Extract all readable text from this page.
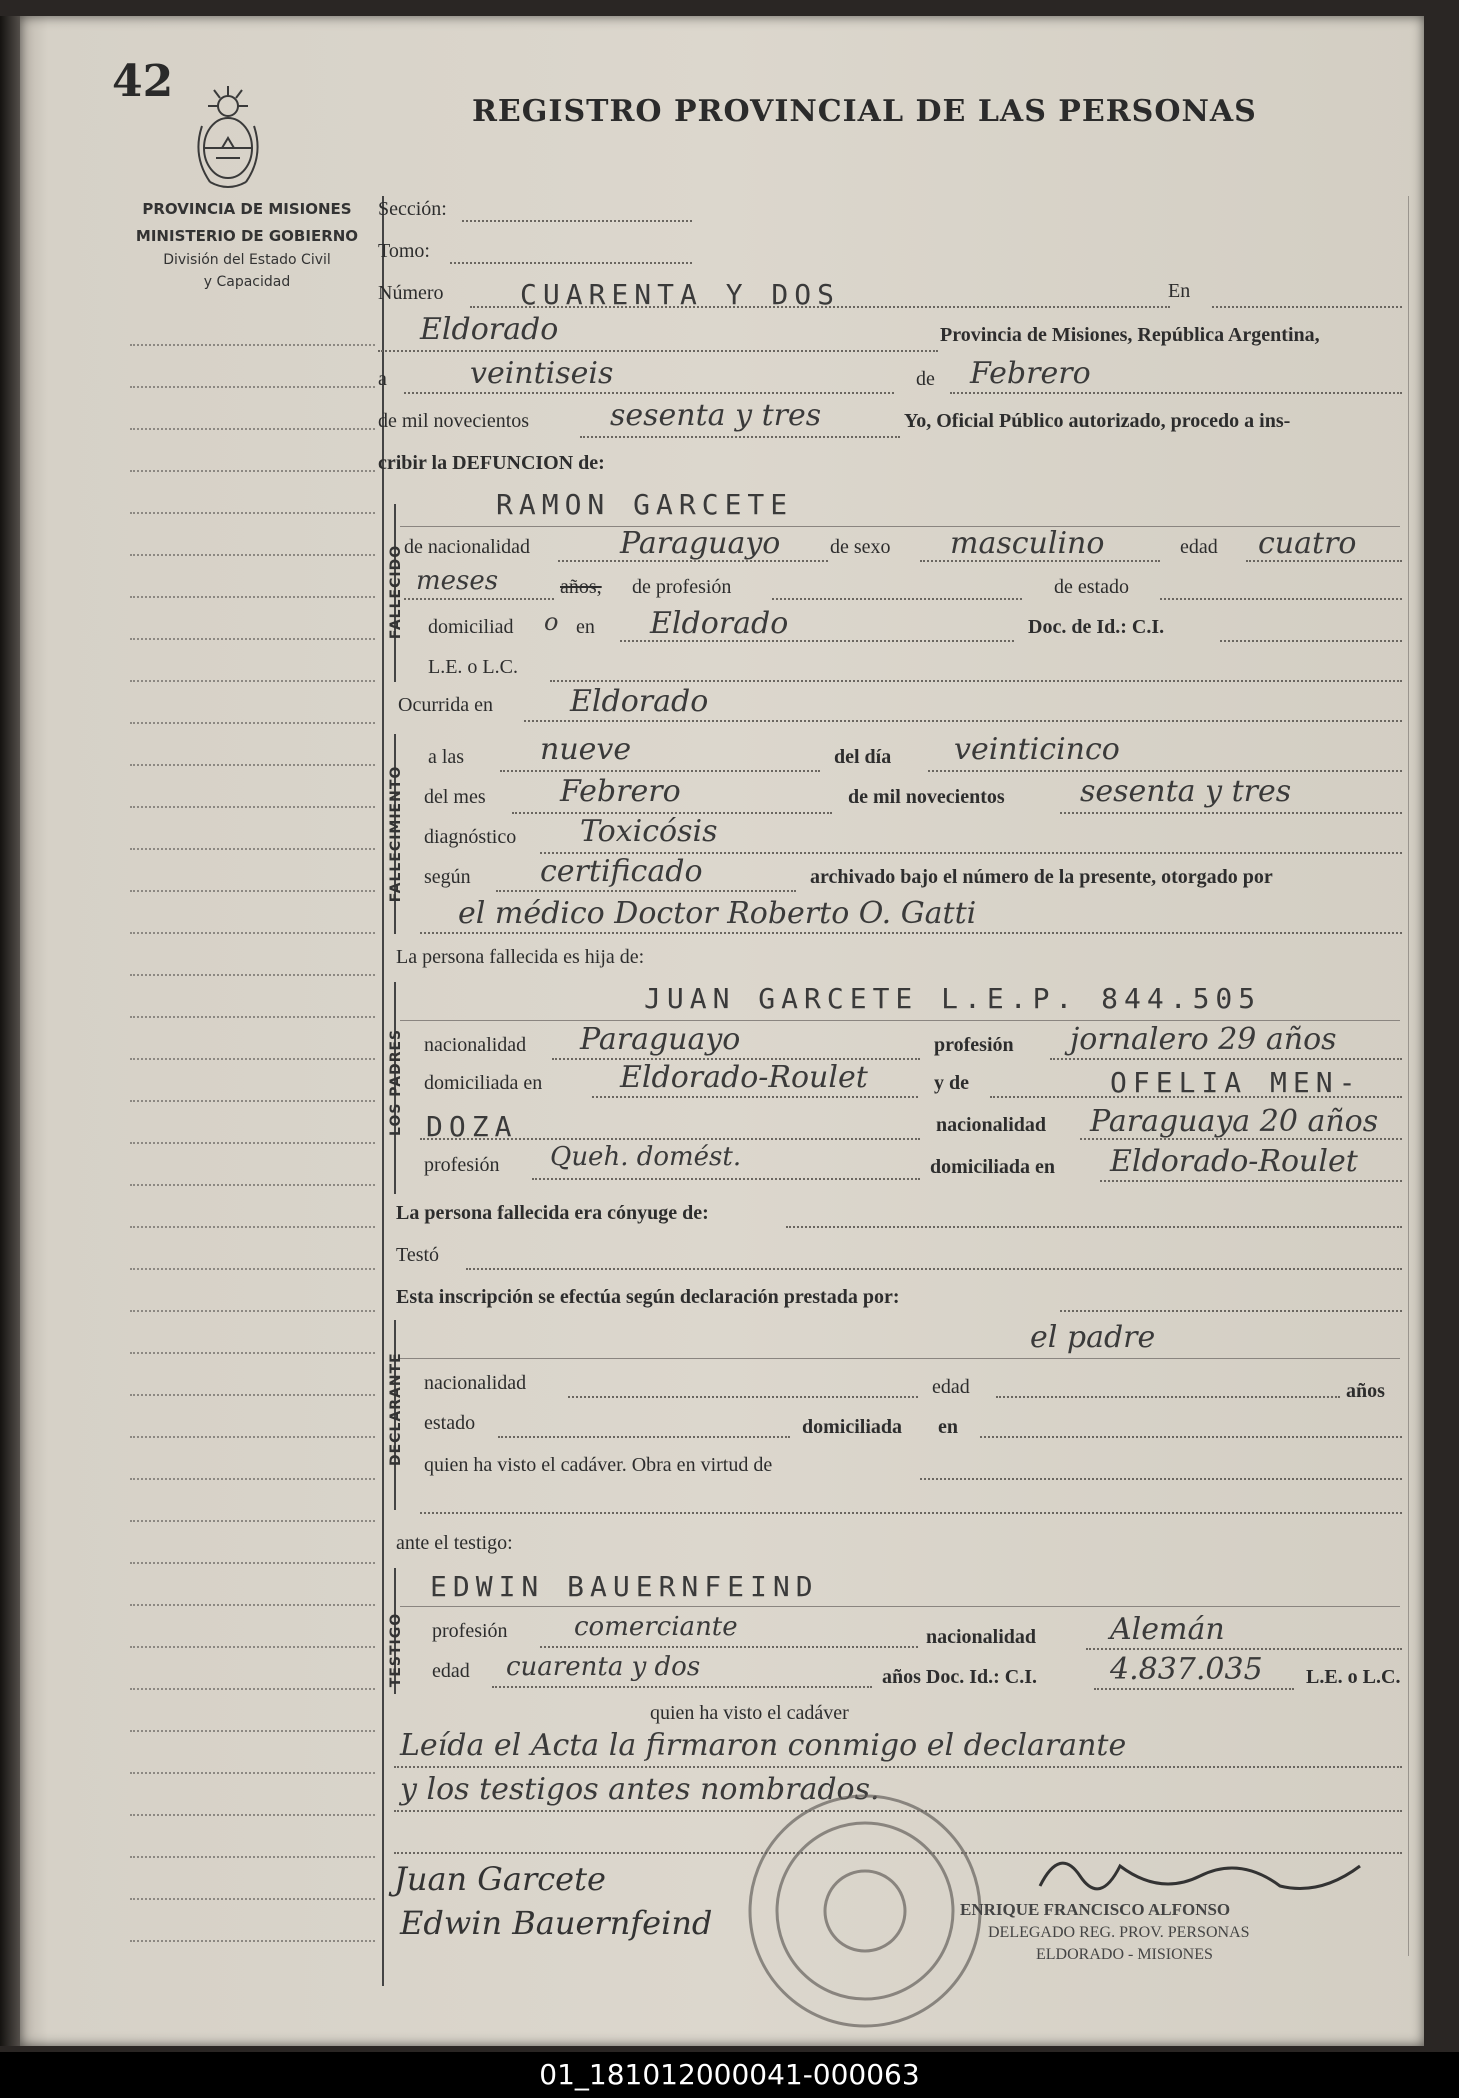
42
REGISTRO PROVINCIAL DE LAS PERSONAS
PROVINCIA DE MISIONES
MINISTERIO DE GOBIERNO
División del Estado Civil
y Capacidad
Sección:
Tomo:
Número	CUARENTA Y DOS	En
Eldorado	Provincia de Misiones, República Argentina,
a	veintiseis	de Febrero
de mil novecientos	sesenta y tres	Yo, Oficial Público autorizado, procedo a ins-
cribir la DEFUNCION de:
FALLECIDO
RAMON GARCETE
de nacionalidad	Paraguayo de sexo masculino	edad cuatro
meses	años, de profesión	de estado
domiciliad o en Eldorado	Doc. de Id.: C.I.
L.E. o L.C.
Ocurrida en	Eldorado
FALLECIMIENTO
a las	nueve	del día veinticinco
del mes Febrero	de mil novecientos	sesenta y tres
diagnóstico Toxicósis
según certificado	archivado bajo el número de la presente, otorgado por
el médico Doctor Roberto O. Gatti
La persona fallecida es hija de:
LOS PADRES
JUAN GARCETE L.E.P. 844.505
nacionalidad Paraguayo	profesión jornalero 29 años
domiciliada en	Eldorado-Roulet	y de	OFELIA MEN-
DOZA	nacionalidad Paraguaya 20 años
profesión Queh. domést.	domiciliada en Eldorado-Roulet
La persona fallecida era cónyuge de:
Testó
Esta inscripción se efectúa según declaración prestada por:
DECLARANTE
el padre
nacionalidad	edad	años
estado	domiciliada en
quien ha visto el cadáver. Obra en virtud de
ante el testigo:
TESTIGO
EDWIN BAUERNFEIND
profesión	comerciante	nacionalidad Alemán
edad cuarenta y dos	años Doc. Id.: C.I. 4.837.035 L.E. o L.C.
quien ha visto el cadáver
Leída el Acta la firmaron conmigo el declarante
y los testigos antes nombrados.
Juan Garcete
Edwin Bauernfeind	ENRIQUE FRANCISCO ALFONSO
DELEGADO REG. PROV. PERSONAS
ELDORADO - MISIONES
01_181012000041-000063
